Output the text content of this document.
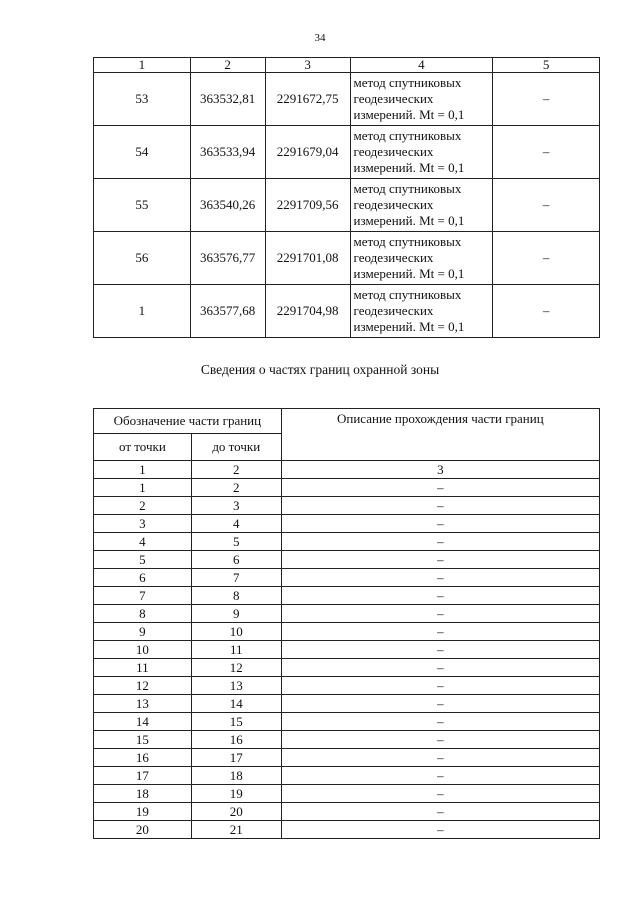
34
1	2	3	4	5
53	363532,81	2291672,75	метод спутниковых
геодезических
измерений. Mt = 0,1	–
54	363533,94	2291679,04	метод спутниковых
геодезических
измерений. Mt = 0,1	–
55	363540,26	2291709,56	метод спутниковых
геодезических
измерений. Mt = 0,1	–
56	363576,77	2291701,08	метод спутниковых
геодезических
измерений. Mt = 0,1	–
1	363577,68	2291704,98	метод спутниковых
геодезических
измерений. Mt = 0,1	–
Сведения о частях границ охранной зоны
Обозначение части границ		Описание прохождения части границ
от точки	до точки	
1	2	3
1	2	–
2	3	–
3	4	–
4	5	–
5	6	–
6	7	–
7	8	–
8	9	–
9	10	–
10	11	–
11	12	–
12	13	–
13	14	–
14	15	–
15	16	–
16	17	–
17	18	–
18	19	–
19	20	–
20	21	–
